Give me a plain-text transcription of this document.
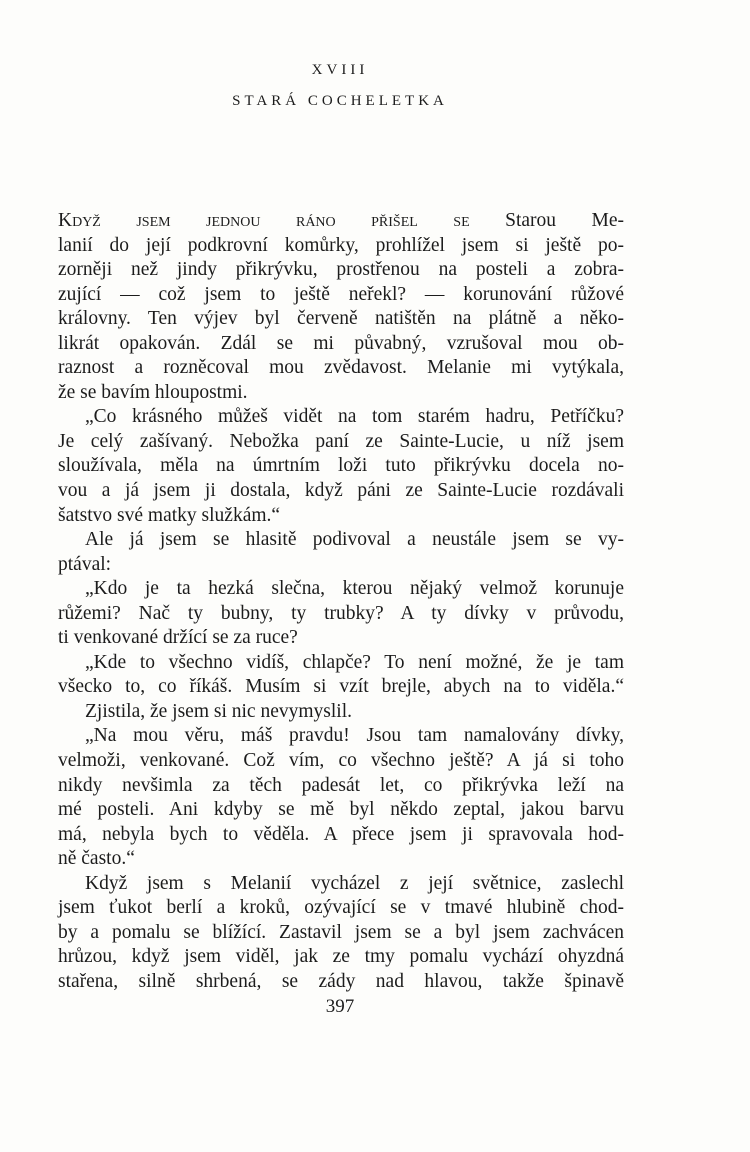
XVIII
STARÁ COCHELETKA
Když jsem jednou ráno přišel se Starou Me-
lanií do její podkrovní komůrky, prohlížel jsem si ještě po-
zorněji než jindy přikrývku, prostřenou na posteli a zobra-
zující — což jsem to ještě neřekl? — korunování růžové
královny. Ten výjev byl červeně natištěn na plátně a něko-
likrát opakován. Zdál se mi půvabný, vzrušoval mou ob-
raznost a rozněcoval mou zvědavost. Melanie mi vytýkala,
že se bavím hloupostmi.
„Co krásného můžeš vidět na tom starém hadru, Petříčku?
Je celý zašívaný. Nebožka paní ze Sainte-Lucie, u níž jsem
sloužívala, měla na úmrtním loži tuto přikrývku docela no-
vou a já jsem ji dostala, když páni ze Sainte-Lucie rozdávali
šatstvo své matky služkám.“
Ale já jsem se hlasitě podivoval a neustále jsem se vy-
ptával:
„Kdo je ta hezká slečna, kterou nějaký velmož korunuje
růžemi? Nač ty bubny, ty trubky? A ty dívky v průvodu,
ti venkované držící se za ruce?
„Kde to všechno vidíš, chlapče? To není možné, že je tam
všecko to, co říkáš. Musím si vzít brejle, abych na to viděla.“
Zjistila, že jsem si nic nevymyslil.
„Na mou věru, máš pravdu! Jsou tam namalovány dívky,
velmoži, venkované. Což vím, co všechno ještě? A já si toho
nikdy nevšimla za těch padesát let, co přikrývka leží na
mé posteli. Ani kdyby se mě byl někdo zeptal, jakou barvu
má, nebyla bych to věděla. A přece jsem ji spravovala hod-
ně často.“
Když jsem s Melanií vycházel z její světnice, zaslechl
jsem ťukot berlí a kroků, ozývající se v tmavé hlubině chod-
by a pomalu se blížící. Zastavil jsem se a byl jsem zachvácen
hrůzou, když jsem viděl, jak ze tmy pomalu vychází ohyzdná
stařena, silně shrbená, se zády nad hlavou, takže špinavě
397
